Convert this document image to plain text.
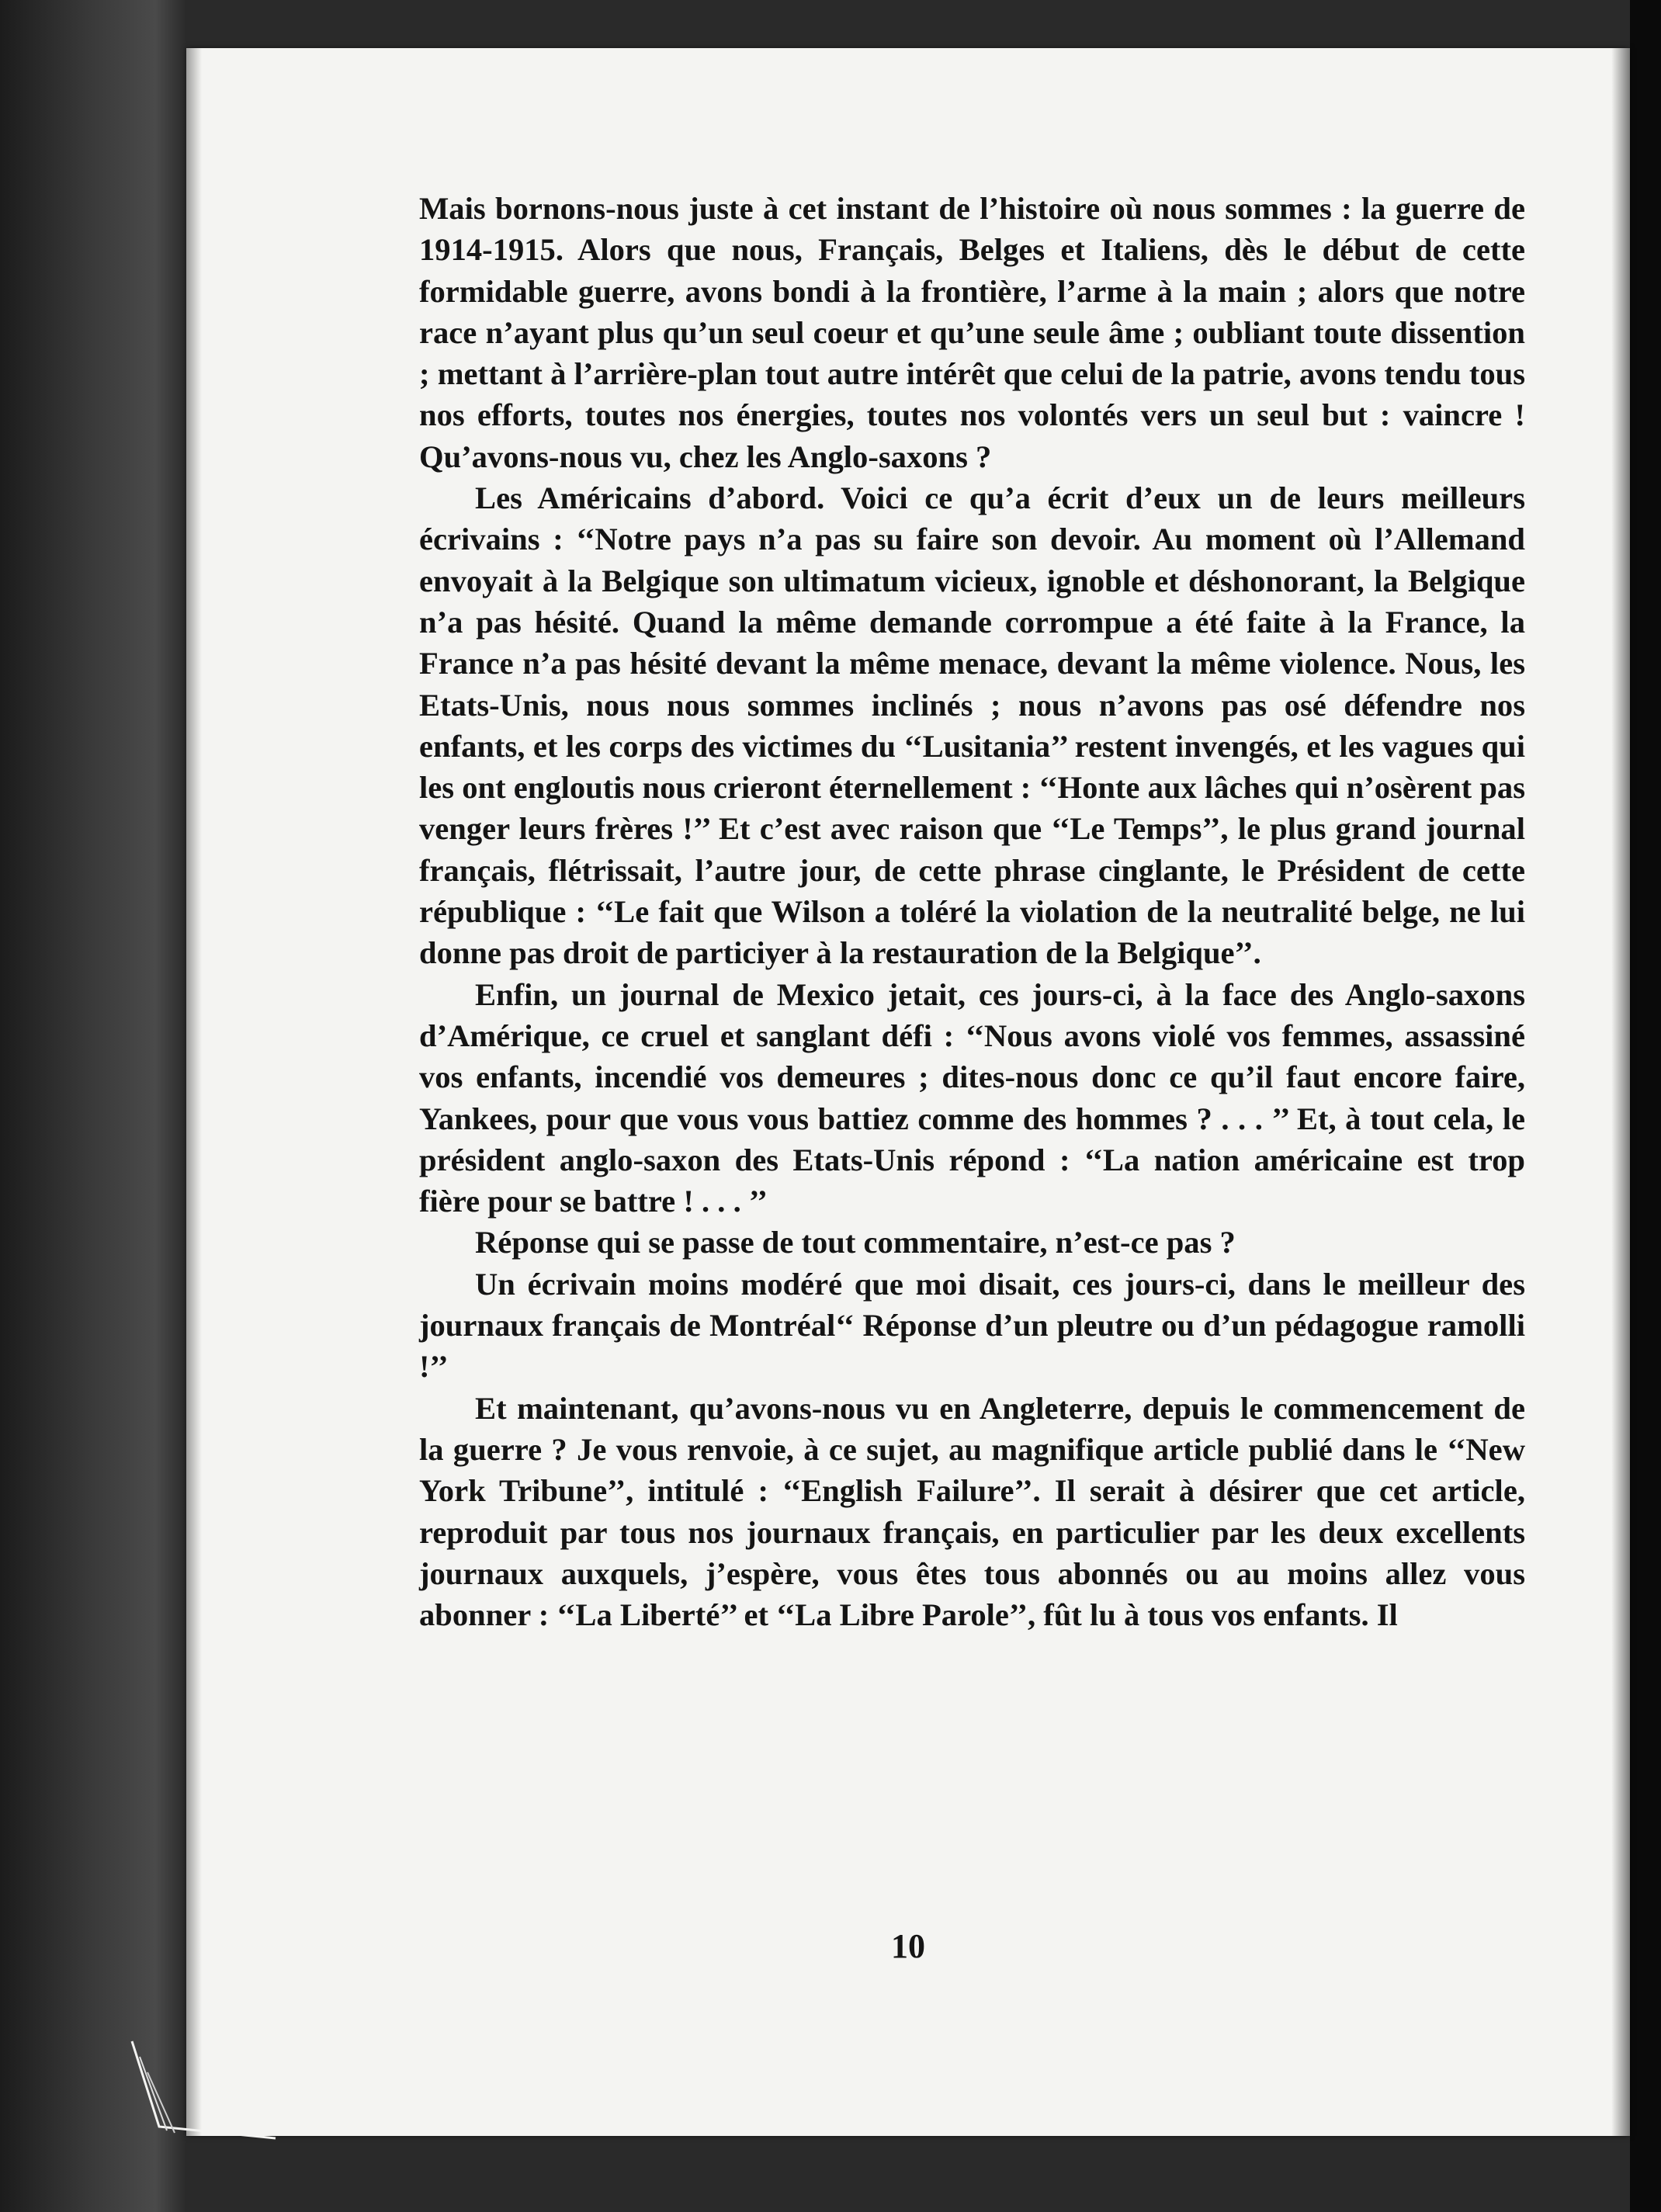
Mais bornons-nous juste à cet instant de l’histoire où nous sommes : la guerre de 1914-1915. Alors que nous, Français, Belges et Italiens, dès le début de cette formidable guerre, avons bondi à la frontière, l’arme à la main ; alors que notre race n’ayant plus qu’un seul coeur et qu’une seule âme ; oubliant toute dissention ; mettant à l’arrière-plan tout autre intérêt que celui de la patrie, avons tendu tous nos efforts, toutes nos énergies, toutes nos volontés vers un seul but : vaincre ! Qu’avons-nous vu, chez les Anglo-saxons ?

Les Américains d’abord. Voici ce qu’a écrit d’eux un de leurs meilleurs écrivains : ‘‘Notre pays n’a pas su faire son devoir. Au moment où l’Allemand envoyait à la Belgique son ultimatum vicieux, ignoble et déshonorant, la Belgique n’a pas hésité. Quand la même demande corrompue a été faite à la France, la France n’a pas hésité devant la même menace, devant la même violence. Nous, les Etats-Unis, nous nous sommes inclinés ; nous n’avons pas osé défendre nos enfants, et les corps des victimes du ‘‘Lusitania’’ restent invengés, et les vagues qui les ont engloutis nous crieront éternellement : ‘‘Honte aux lâches qui n’osèrent pas venger leurs frères !’’ Et c’est avec raison que ‘‘Le Temps’’, le plus grand journal français, flétrissait, l’autre jour, de cette phrase cinglante, le Président de cette république : ‘‘Le fait que Wilson a toléré la violation de la neutralité belge, ne lui donne pas droit de particiyer à la restauration de la Belgique’’.

Enfin, un journal de Mexico jetait, ces jours-ci, à la face des Anglo-saxons d’Amérique, ce cruel et sanglant défi : ‘‘Nous avons violé vos femmes, assassiné vos enfants, incendié vos demeures ; dites-nous donc ce qu’il faut encore faire, Yankees, pour que vous vous battiez comme des hommes ? . . . ’’ Et, à tout cela, le président anglo-saxon des Etats-Unis répond : ‘‘La nation américaine est trop fière pour se battre ! . . . ’’

Réponse qui se passe de tout commentaire, n’est-ce pas ?

Un écrivain moins modéré que moi disait, ces jours-ci, dans le meilleur des journaux français de Montréal‘‘ Réponse d’un pleutre ou d’un pédagogue ramolli !’’

Et maintenant, qu’avons-nous vu en Angleterre, depuis le commencement de la guerre ? Je vous renvoie, à ce sujet, au magnifique article publié dans le ‘‘New York Tribune’’, intitulé : ‘‘English Failure’’. Il serait à désirer que cet article, reproduit par tous nos journaux français, en particulier par les deux excellents journaux auxquels, j’espère, vous êtes tous abonnés ou au moins allez vous abonner : ‘‘La Liberté’’ et ‘‘La Libre Parole’’, fût lu à tous vos enfants. Il

10
